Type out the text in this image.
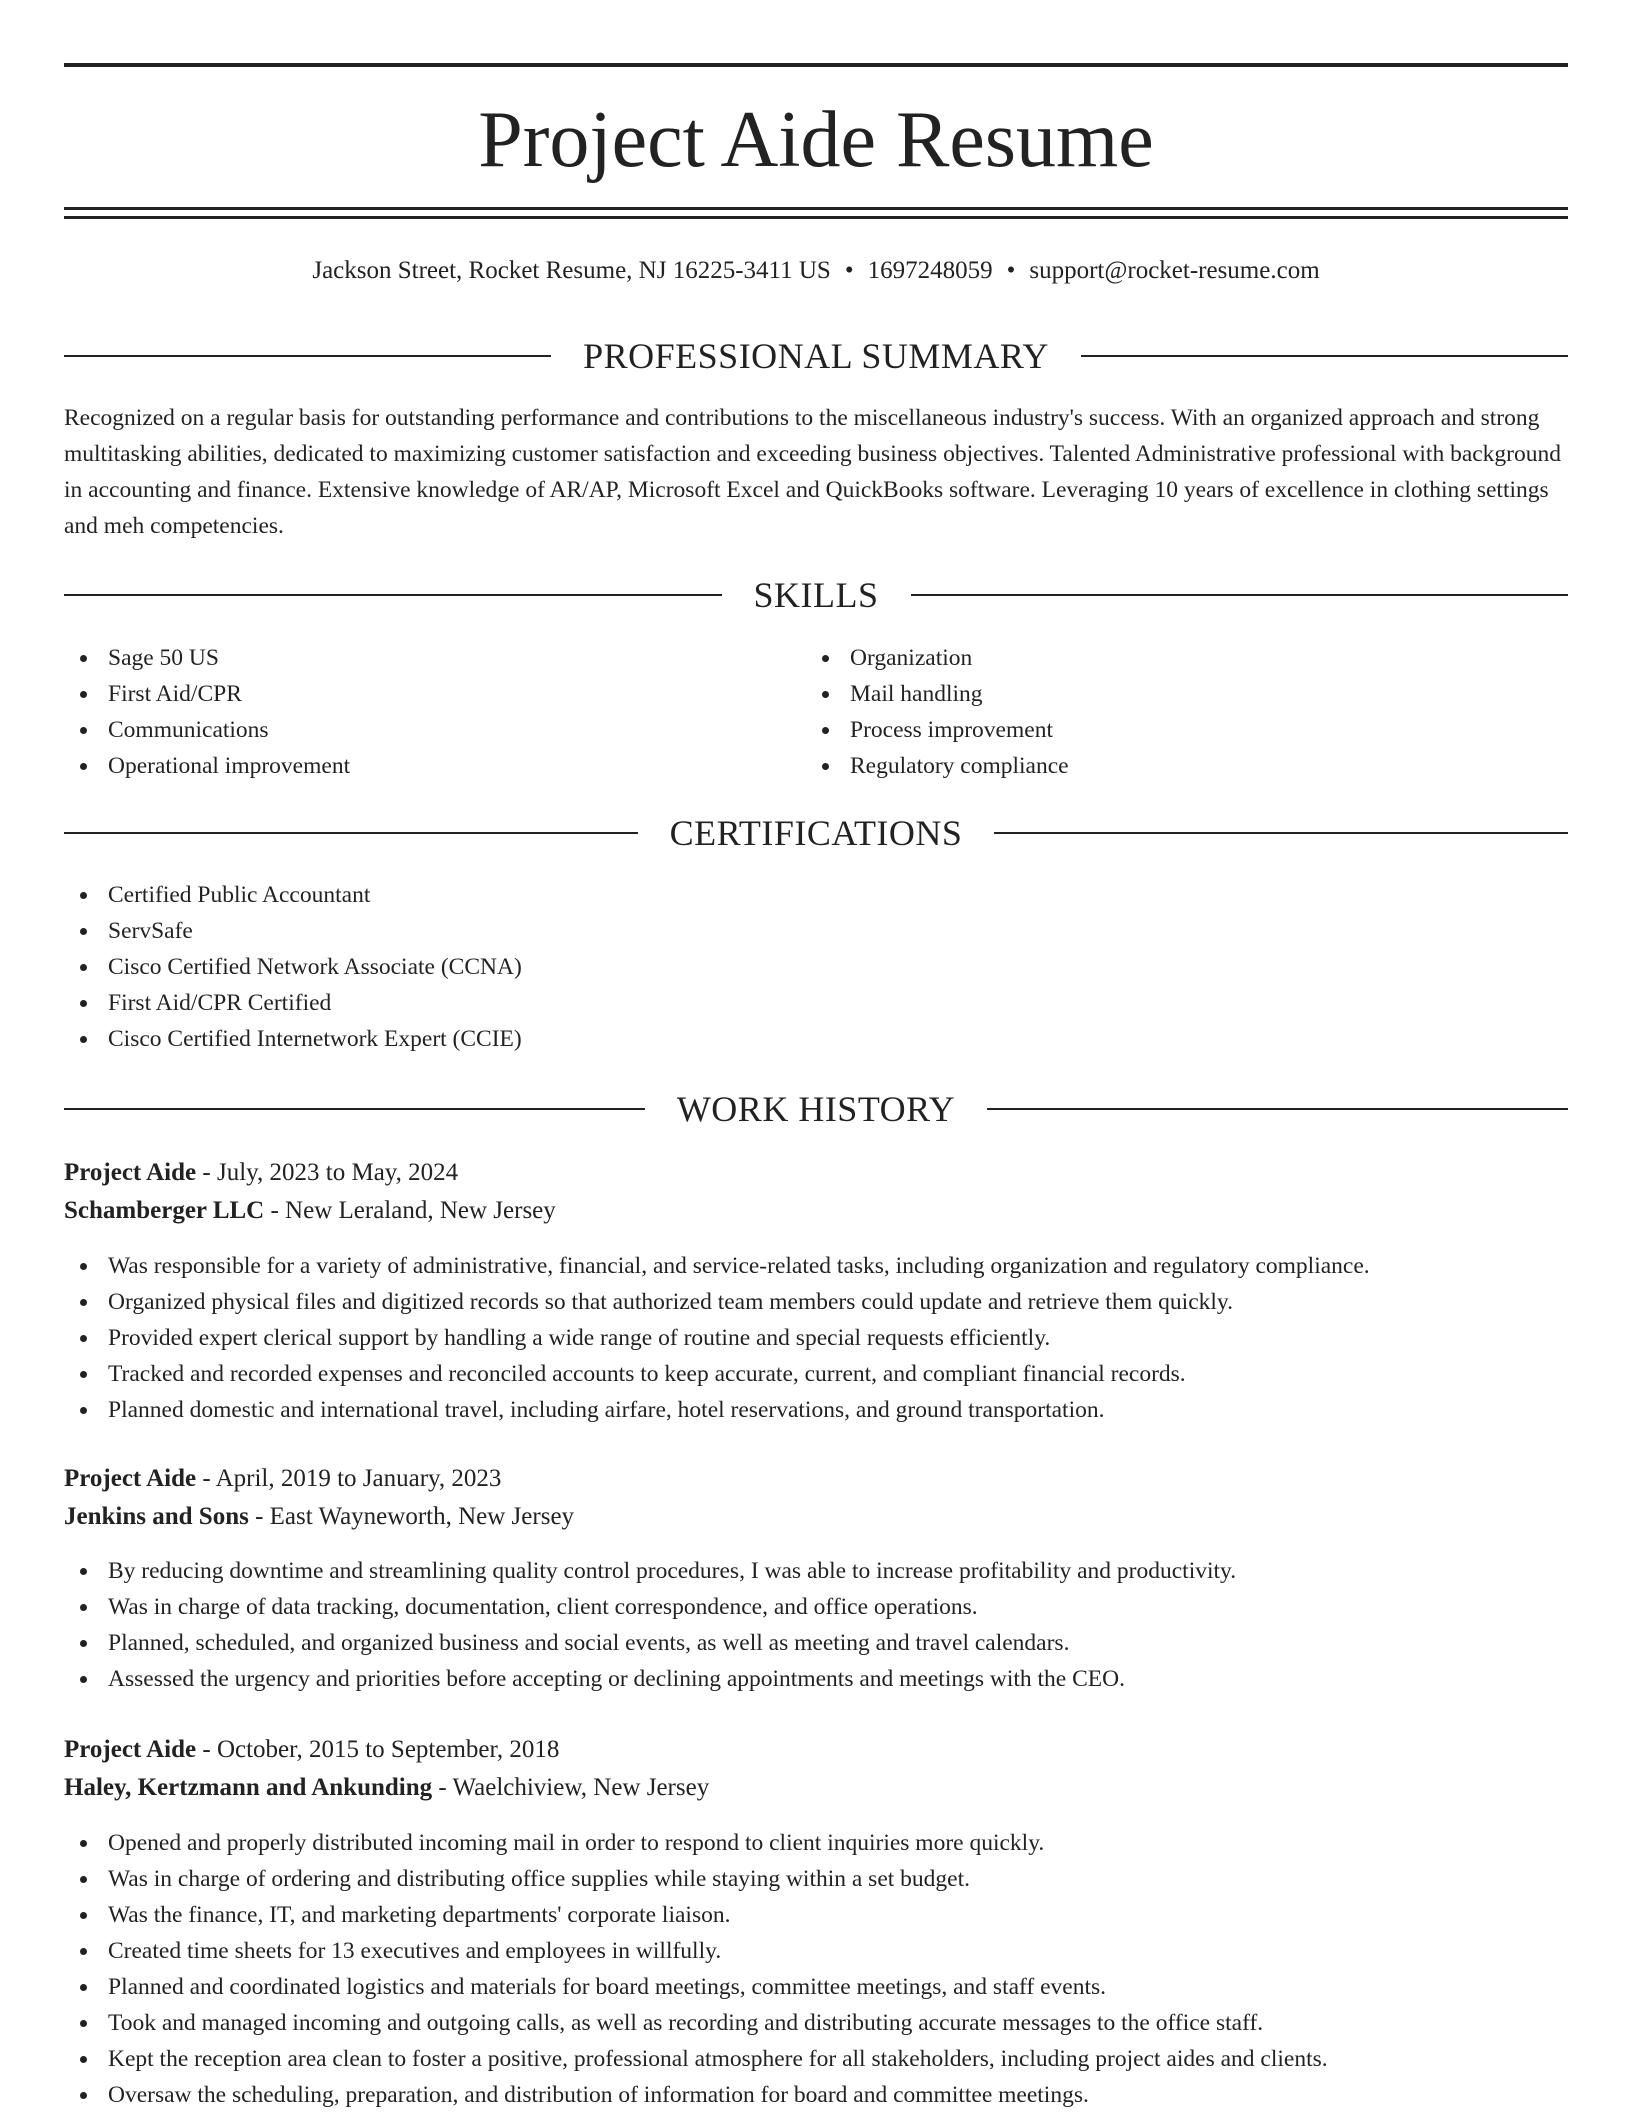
Project Aide Resume
Jackson Street, Rocket Resume, NJ 16225-3411 US • 1697248059 • support@rocket-resume.com
PROFESSIONAL SUMMARY

Recognized on a regular basis for outstanding performance and contributions to the miscellaneous industry's success. With an organized approach and strong multitasking abilities, dedicated to maximizing customer satisfaction and exceeding business objectives. Talented Administrative professional with background in accounting and finance. Extensive knowledge of AR/AP, Microsoft Excel and QuickBooks software. Leveraging 10 years of excellence in clothing settings and meh competencies.

SKILLS
Sage 50 US
First Aid/CPR
Communications
Operational improvement
Organization
Mail handling
Process improvement
Regulatory compliance
CERTIFICATIONS
Certified Public Accountant
ServSafe
Cisco Certified Network Associate (CCNA)
First Aid/CPR Certified
Cisco Certified Internetwork Expert (CCIE)
WORK HISTORY
Project Aide - July, 2023 to May, 2024
Schamberger LLC - New Leraland, New Jersey
Was responsible for a variety of administrative, financial, and service-related tasks, including organization and regulatory compliance.
Organized physical files and digitized records so that authorized team members could update and retrieve them quickly.
Provided expert clerical support by handling a wide range of routine and special requests efficiently.
Tracked and recorded expenses and reconciled accounts to keep accurate, current, and compliant financial records.
Planned domestic and international travel, including airfare, hotel reservations, and ground transportation.
Project Aide - April, 2019 to January, 2023
Jenkins and Sons - East Wayneworth, New Jersey
By reducing downtime and streamlining quality control procedures, I was able to increase profitability and productivity.
Was in charge of data tracking, documentation, client correspondence, and office operations.
Planned, scheduled, and organized business and social events, as well as meeting and travel calendars.
Assessed the urgency and priorities before accepting or declining appointments and meetings with the CEO.
Project Aide - October, 2015 to September, 2018
Haley, Kertzmann and Ankunding - Waelchiview, New Jersey
Opened and properly distributed incoming mail in order to respond to client inquiries more quickly.
Was in charge of ordering and distributing office supplies while staying within a set budget.
Was the finance, IT, and marketing departments' corporate liaison.
Created time sheets for 13 executives and employees in willfully.
Planned and coordinated logistics and materials for board meetings, committee meetings, and staff events.
Took and managed incoming and outgoing calls, as well as recording and distributing accurate messages to the office staff.
Kept the reception area clean to foster a positive, professional atmosphere for all stakeholders, including project aides and clients.
Oversaw the scheduling, preparation, and distribution of information for board and committee meetings.
